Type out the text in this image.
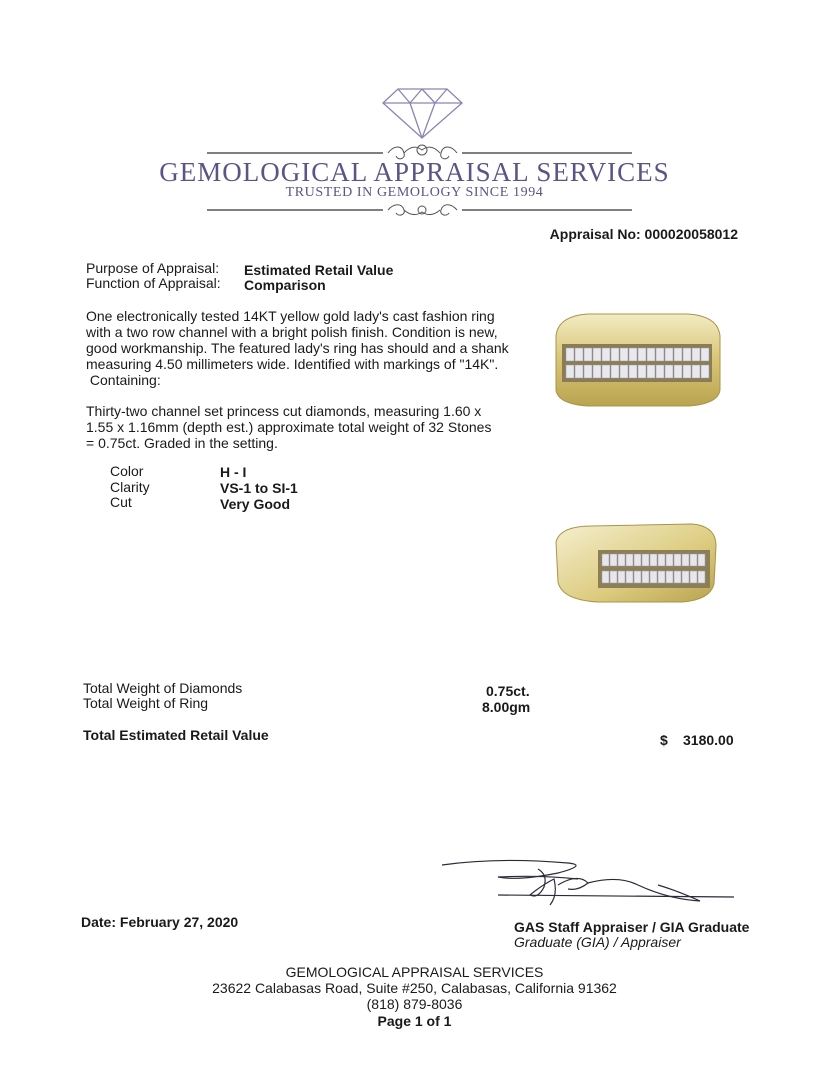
GEMOLOGICAL APPRAISAL SERVICES
TRUSTED IN GEMOLOGY SINCE 1994
Appraisal No: 000020058012
Purpose of Appraisal: Estimated Retail Value
Function of Appraisal: Comparison
One electronically tested 14KT yellow gold lady's cast fashion ring
with a two row channel with a bright polish finish. Condition is new,
good workmanship. The featured lady's ring has should and a shank
measuring 4.50 millimeters wide. Identified with markings of "14K".
Containing:
Thirty-two channel set princess cut diamonds, measuring 1.60 x
1.55 x 1.16mm (depth est.) approximate total weight of 32 Stones
= 0.75ct. Graded in the setting.
Color	H - I
Clarity	VS-1 to SI-1
Cut	Very Good
Total Weight of Diamonds	0.75ct.
Total Weight of Ring	8.00gm
Total Estimated Retail Value	$ 3180.00
Date: February 27, 2020	GAS Staff Appraiser / GIA Graduate
Graduate (GIA) / Appraiser
GEMOLOGICAL APPRAISAL SERVICES
23622 Calabasas Road, Suite #250, Calabasas, California 91362
(818) 879-8036
Page 1 of 1
